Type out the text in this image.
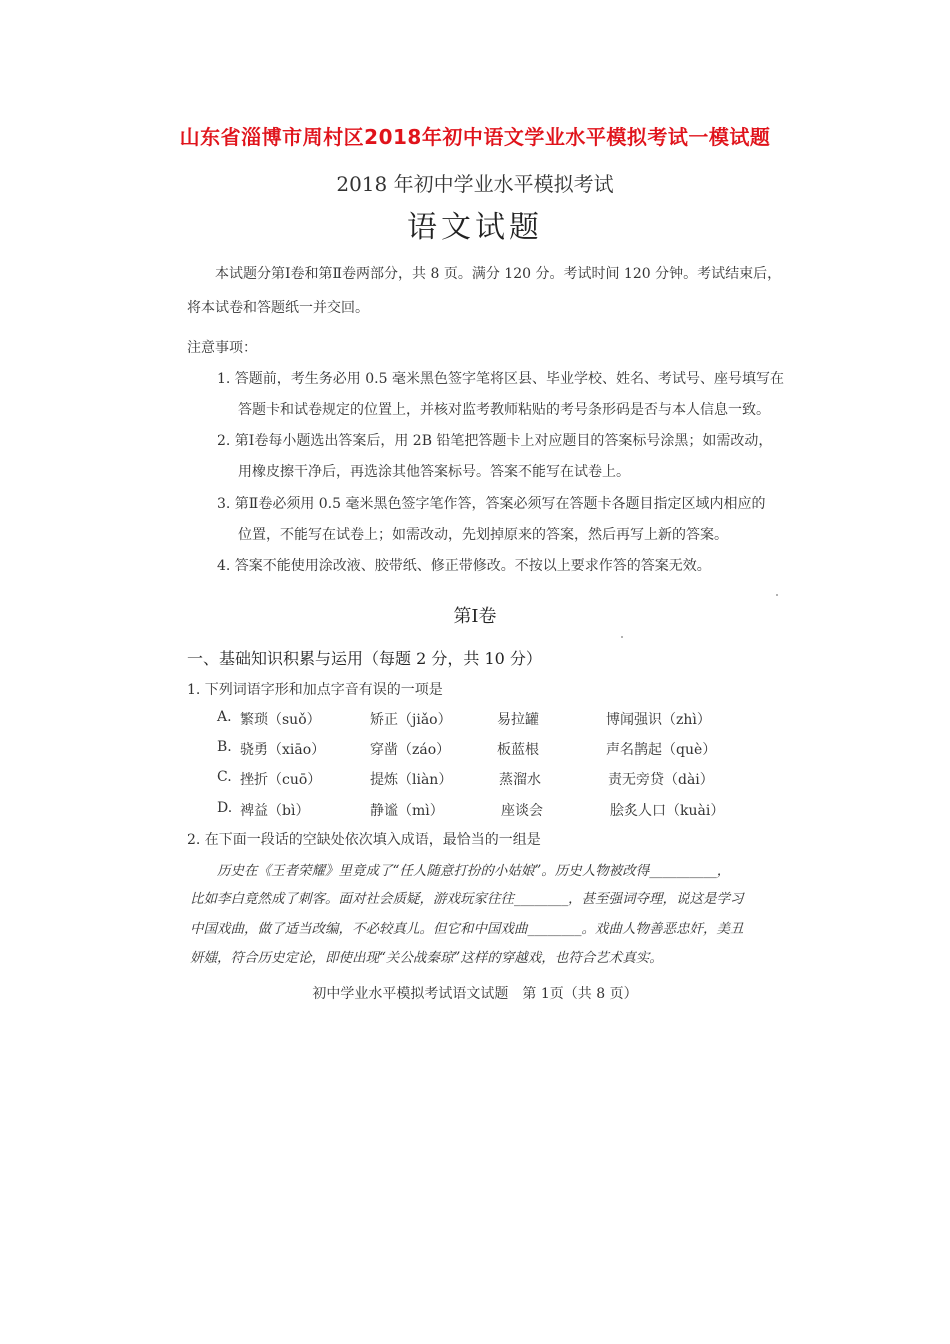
山东省淄博市周村区2018年初中语文学业水平模拟考试一模试题
2018 年初中学业水平模拟考试
语文试题
本试题分第Ⅰ卷和第Ⅱ卷两部分，共 8 页。满分 120 分。考试时间 120 分钟。考试结束后，将本试卷和答题纸一并交回。
注意事项：
1. 答题前，考生务必用 0.5 毫米黑色签字笔将区县、毕业学校、姓名、考试号、座号填写在
答题卡和试卷规定的位置上，并核对监考教师粘贴的考号条形码是否与本人信息一致。
2. 第Ⅰ卷每小题选出答案后，用 2B 铅笔把答题卡上对应题目的答案标号涂黑；如需改动，
用橡皮擦干净后，再选涂其他答案标号。答案不能写在试卷上。
3. 第Ⅱ卷必须用 0.5 毫米黑色签字笔作答，答案必须写在答题卡各题目指定区域内相应的
位置，不能写在试卷上；如需改动，先划掉原来的答案，然后再写上新的答案。
4. 答案不能使用涂改液、胶带纸、修正带修改。不按以上要求作答的答案无效。
第Ⅰ卷
一、基础知识积累与运用（每题 2 分，共 10 分）
1. 下列词语字形和加点字音有误的一项是
A. 繁琐（suǒ）	矫正（jiǎo）	易拉罐	博闻强识（zhì）
B. 骁勇（xiāo）	穿凿（záo）	板蓝根	声名鹊起（què）
C. 挫折（cuō）	提炼（liàn）	蒸溜水	责无旁贷（dài）
D. 裨益（bì）	静谧（mì）	座谈会	脍炙人口（kuài）
2. 在下面一段话的空缺处依次填入成语，最恰当的一组是
历史在《王者荣耀》里竟成了“任人随意打扮的小姑娘”。历史人物被改得__________，
比如李白竟然成了刺客。面对社会质疑，游戏玩家往往________，甚至强词夺理，说这是学习
中国戏曲，做了适当改编，不必较真儿。但它和中国戏曲________。戏曲人物善恶忠奸，美丑
妍媸，符合历史定论，即使出现“关公战秦琼”这样的穿越戏，也符合艺术真实。
初中学业水平模拟考试语文试题　第 1页（共 8 页）
